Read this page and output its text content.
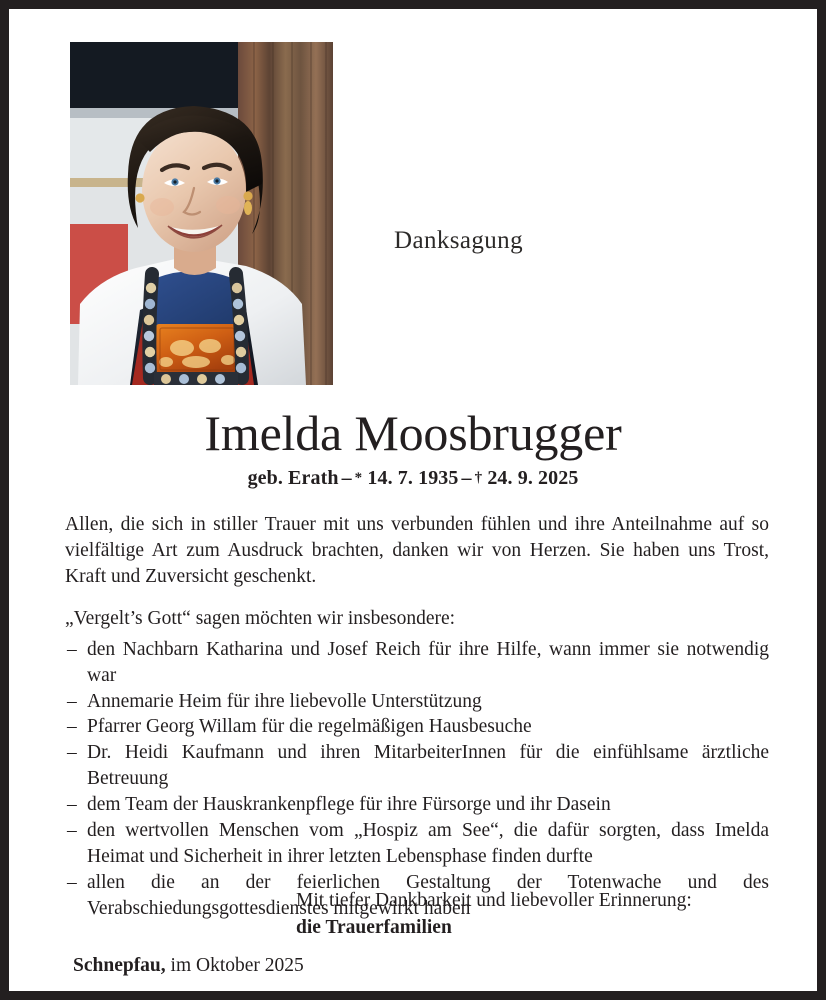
Danksagung
Imelda Moosbrugger
geb. Erath – * 14. 7. 1935 – † 24. 9. 2025

Allen, die sich in stiller Trauer mit uns verbunden fühlen und ihre Anteilnahme auf so vielfältige Art zum Ausdruck brachten, danken wir von Herzen. Sie haben uns Trost, Kraft und Zuversicht geschenkt.

„Vergelt’s Gott“ sagen möchten wir insbesondere:

– den Nachbarn Katharina und Josef Reich für ihre Hilfe, wann immer sie notwendig war
– Annemarie Heim für ihre liebevolle Unterstützung
– Pfarrer Georg Willam für die regelmäßigen Hausbesuche
– Dr. Heidi Kaufmann und ihren MitarbeiterInnen für die einfühlsame ärztliche Betreuung
– dem Team der Hauskrankenpflege für ihre Fürsorge und ihr Dasein
– den wertvollen Menschen vom „Hospiz am See“, die dafür sorgten, dass Imelda Heimat und Sicherheit in ihrer letzten Lebensphase finden durfte
– allen die an der feierlichen Gestaltung der Totenwache und des Verabschiedungsgottesdienstes mitgewirkt haben
Mit tiefer Dankbarkeit und liebevoller Erinnerung:
die Trauerfamilien
Schnepfau, im Oktober 2025
